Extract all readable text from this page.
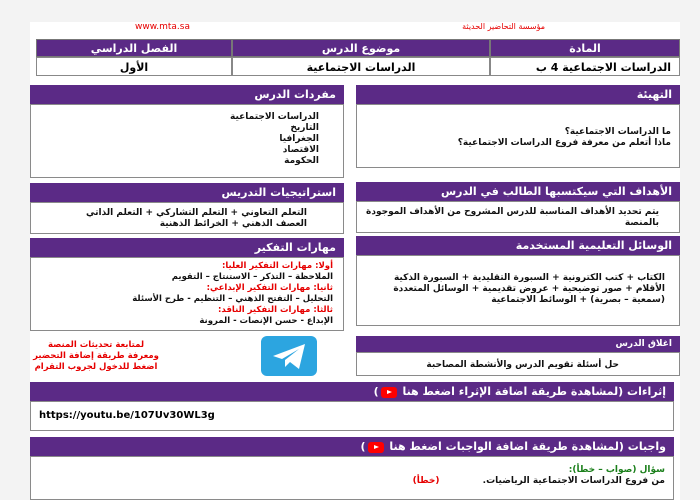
www.mta.sa	مؤسسة التحاضير الحديثة
المادة
موضوع الدرس
الفصل الدراسي
الدراسات الاجتماعية 4 ب
الدراسات الاجتماعية
الأول
التهيئة
ما الدراسات الاجتماعية؟
ماذا أتعلم من معرفة فروع الدراسات الاجتماعية؟
الأهداف التي سيكتسبها الطالب في الدرس
يتم تحديد الأهداف المناسبة للدرس المشروح من الأهداف الموجودة
بالمنصة
الوسائل التعليمية المستخدمة
الكتاب + كتب الكترونية + السبورة التقليدية + السبورة الذكية
الأقلام + صور توضيحية + عروض تقديمية + الوسائل المتعددة
(سمعية – بصرية) + الوسائط الاجتماعية
اغلاق الدرس
حل أسئلة تقويم الدرس والأنشطة المصاحبة
مفردات الدرس
الدراسات الاجتماعية
التاريخ
الجغرافيا
الاقتصاد
الحكومة
استراتيجيات التدريس
التعلم التعاوني + التعلم التشاركي + التعلم الذاتي
العصف الذهني + الخرائط الذهنية
مهارات التفكير
أولا: مهارات التفكير العليا:
الملاحظة – التذكر – الاستنتاج – التقويم
ثانيا: مهارات التفكير الإبداعي:
التحليل – التفتح الذهني – التنظيم - طرح الأسئلة
ثالثا: مهارات التفكير الناقد:
الإبداع - حسن الإنصات - المرونة
لمتابعة تحديثات المنصة
ومعرفة طريقة إضافة التحضير
اضغط للدخول لجروب التقرام
إثراءات (لمشاهدة طريقة اضافة الإثراء اضغط هنا )
https://youtu.be/107Uv30WL3g
واجبات (لمشاهدة طريقة اضافة الواجبات اضغط هنا )
سؤال (صواب – خطأ):
من فروع الدراسات الاجتماعية الرياضيات. (خطأ)
